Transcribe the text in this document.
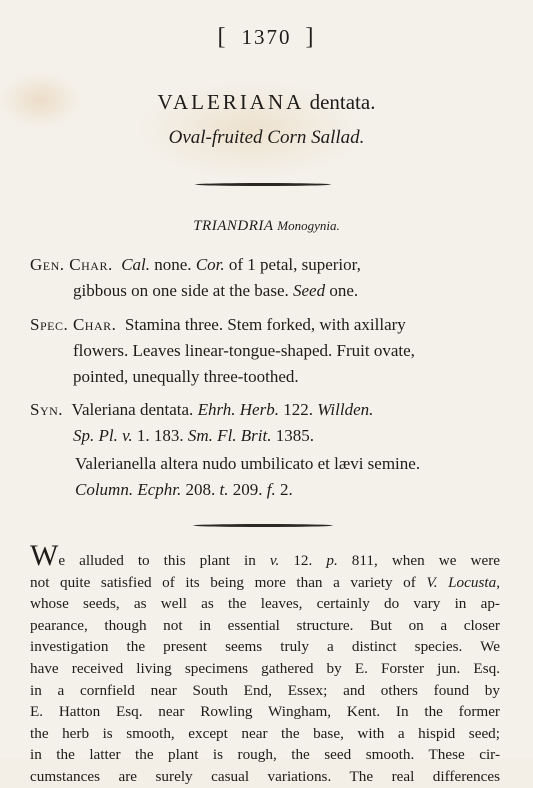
[ 1370 ]
VALERIANA dentata.
Oval-fruited Corn Sallad.
TRIANDRIA Monogynia.
Gen. Char. Cal. none. Cor. of 1 petal, superior,
gibbous on one side at the base. Seed one.
Spec. Char. Stamina three. Stem forked, with axillary
flowers. Leaves linear-tongue-shaped. Fruit ovate,
pointed, unequally three-toothed.
Syn. Valeriana dentata. Ehrh. Herb. 122. Willden.
Sp. Pl. v. 1. 183. Sm. Fl. Brit. 1385.
Valerianella altera nudo umbilicato et lævi semine.
Column. Ecphr. 208. t. 209. f. 2.
We alluded to this plant in v. 12. p. 811, when we were
not quite satisfied of its being more than a variety of V. Locusta,
whose seeds, as well as the leaves, certainly do vary in ap-
pearance, though not in essential structure. But on a closer
investigation the present seems truly a distinct species. We
have received living specimens gathered by E. Forster jun. Esq.
in a cornfield near South End, Essex; and others found by
E. Hatton Esq. near Rowling Wingham, Kent. In the former
the herb is smooth, except near the base, with a hispid seed;
in the latter the plant is rough, the seed smooth. These cir-
cumstances are surely casual variations. The real differences
